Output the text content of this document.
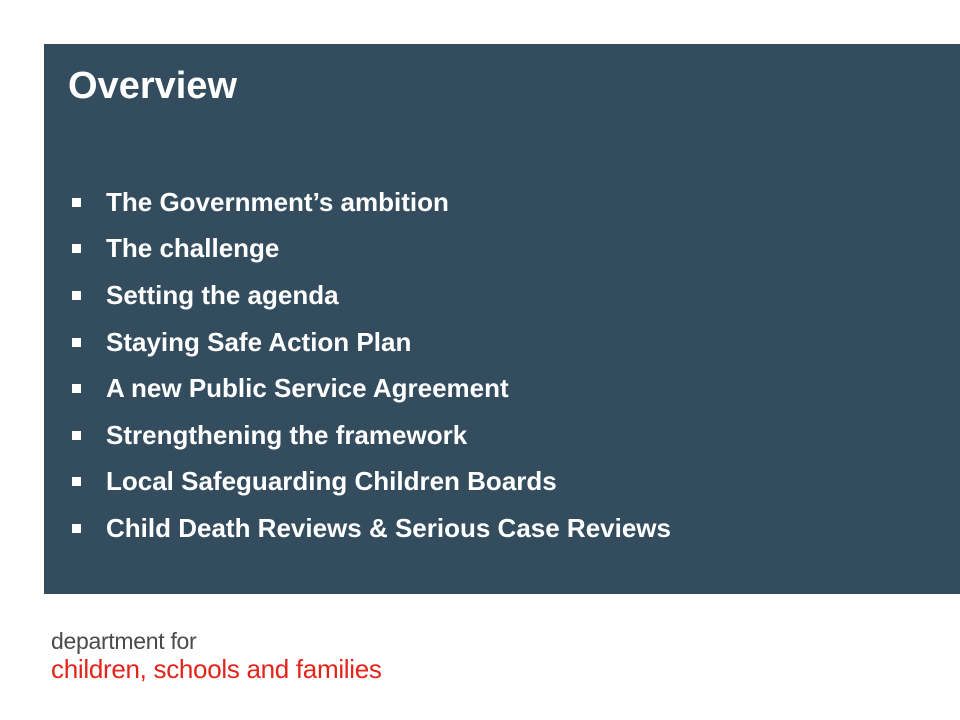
Overview
The Government’s ambition
The challenge
Setting the agenda
Staying Safe Action Plan
A new Public Service Agreement
Strengthening the framework
Local Safeguarding Children Boards
Child Death Reviews & Serious Case Reviews
department for
children, schools and families
